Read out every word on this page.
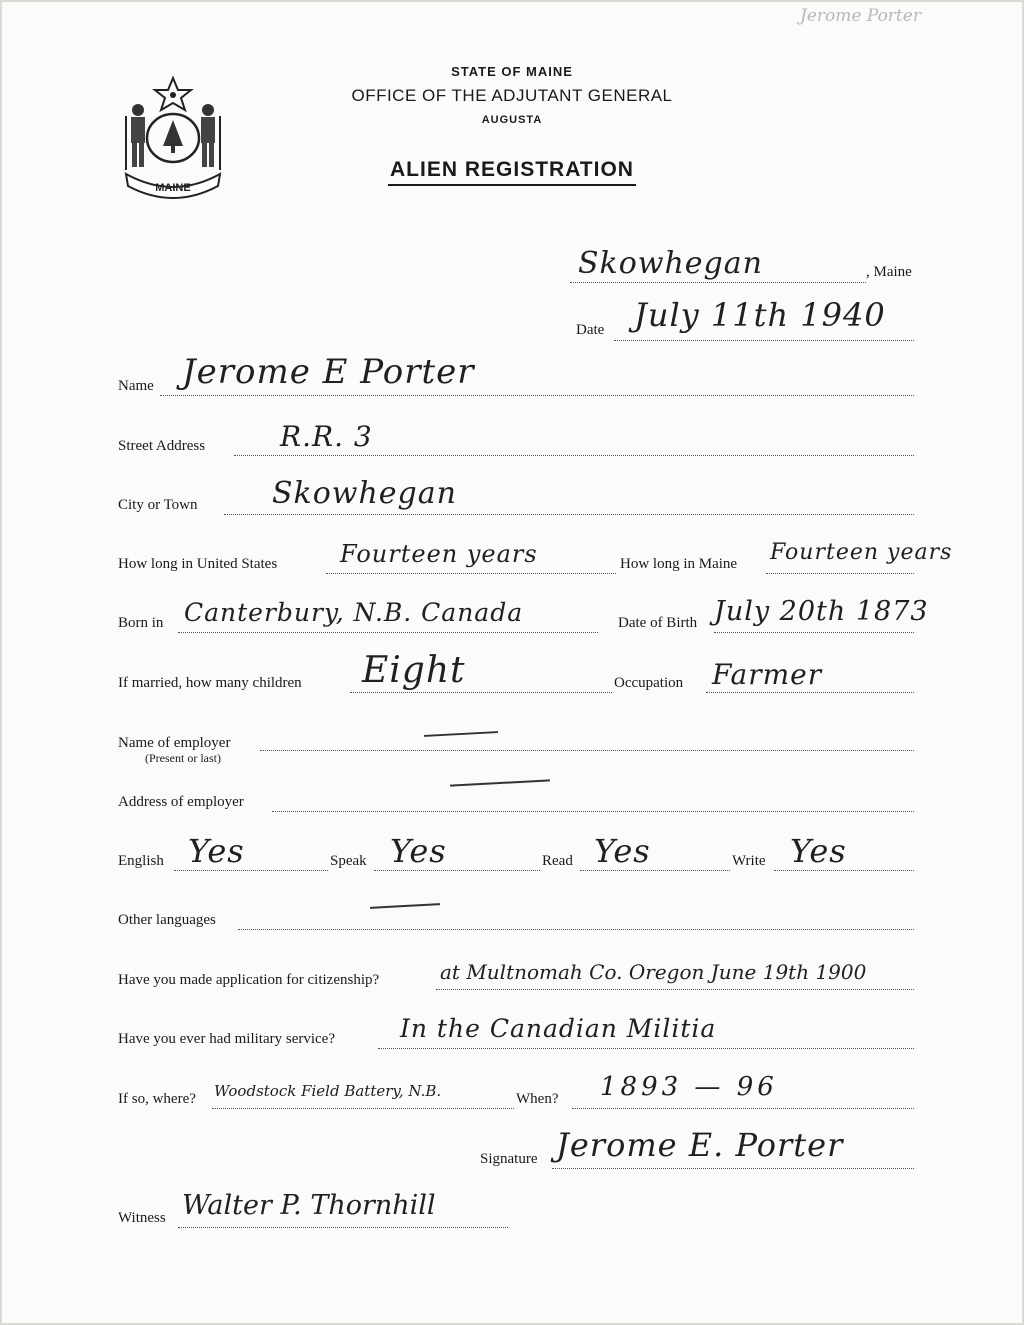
Jerome Porter
MAINE
STATE OF MAINE
OFFICE OF THE ADJUTANT GENERAL
AUGUSTA
ALIEN REGISTRATION
Skowhegan	, Maine
Date July 11th 1940
Name Jerome E Porter
Street Address	R.R. 3
City or Town Skowhegan
How long in United States	Fourteen years	How long in Maine Fourteen years
Born in Canterbury, N.B. Canada	Date of Birth July 20th 1873
If married, how many children Eight	Occupation Farmer
Name of employer
(Present or last)
Address of employer
English Yes	Speak Yes	Read Yes	Write Yes
Other languages
Have you made application for citizenship?	at Multnomah Co. Oregon June 19th 1900
Have you ever had military service?	In the Canadian Militia
If so, where? Woodstock Field Battery, N.B.	When? 1893 — 96
Signature Jerome E. Porter
Witness Walter P. Thornhill
